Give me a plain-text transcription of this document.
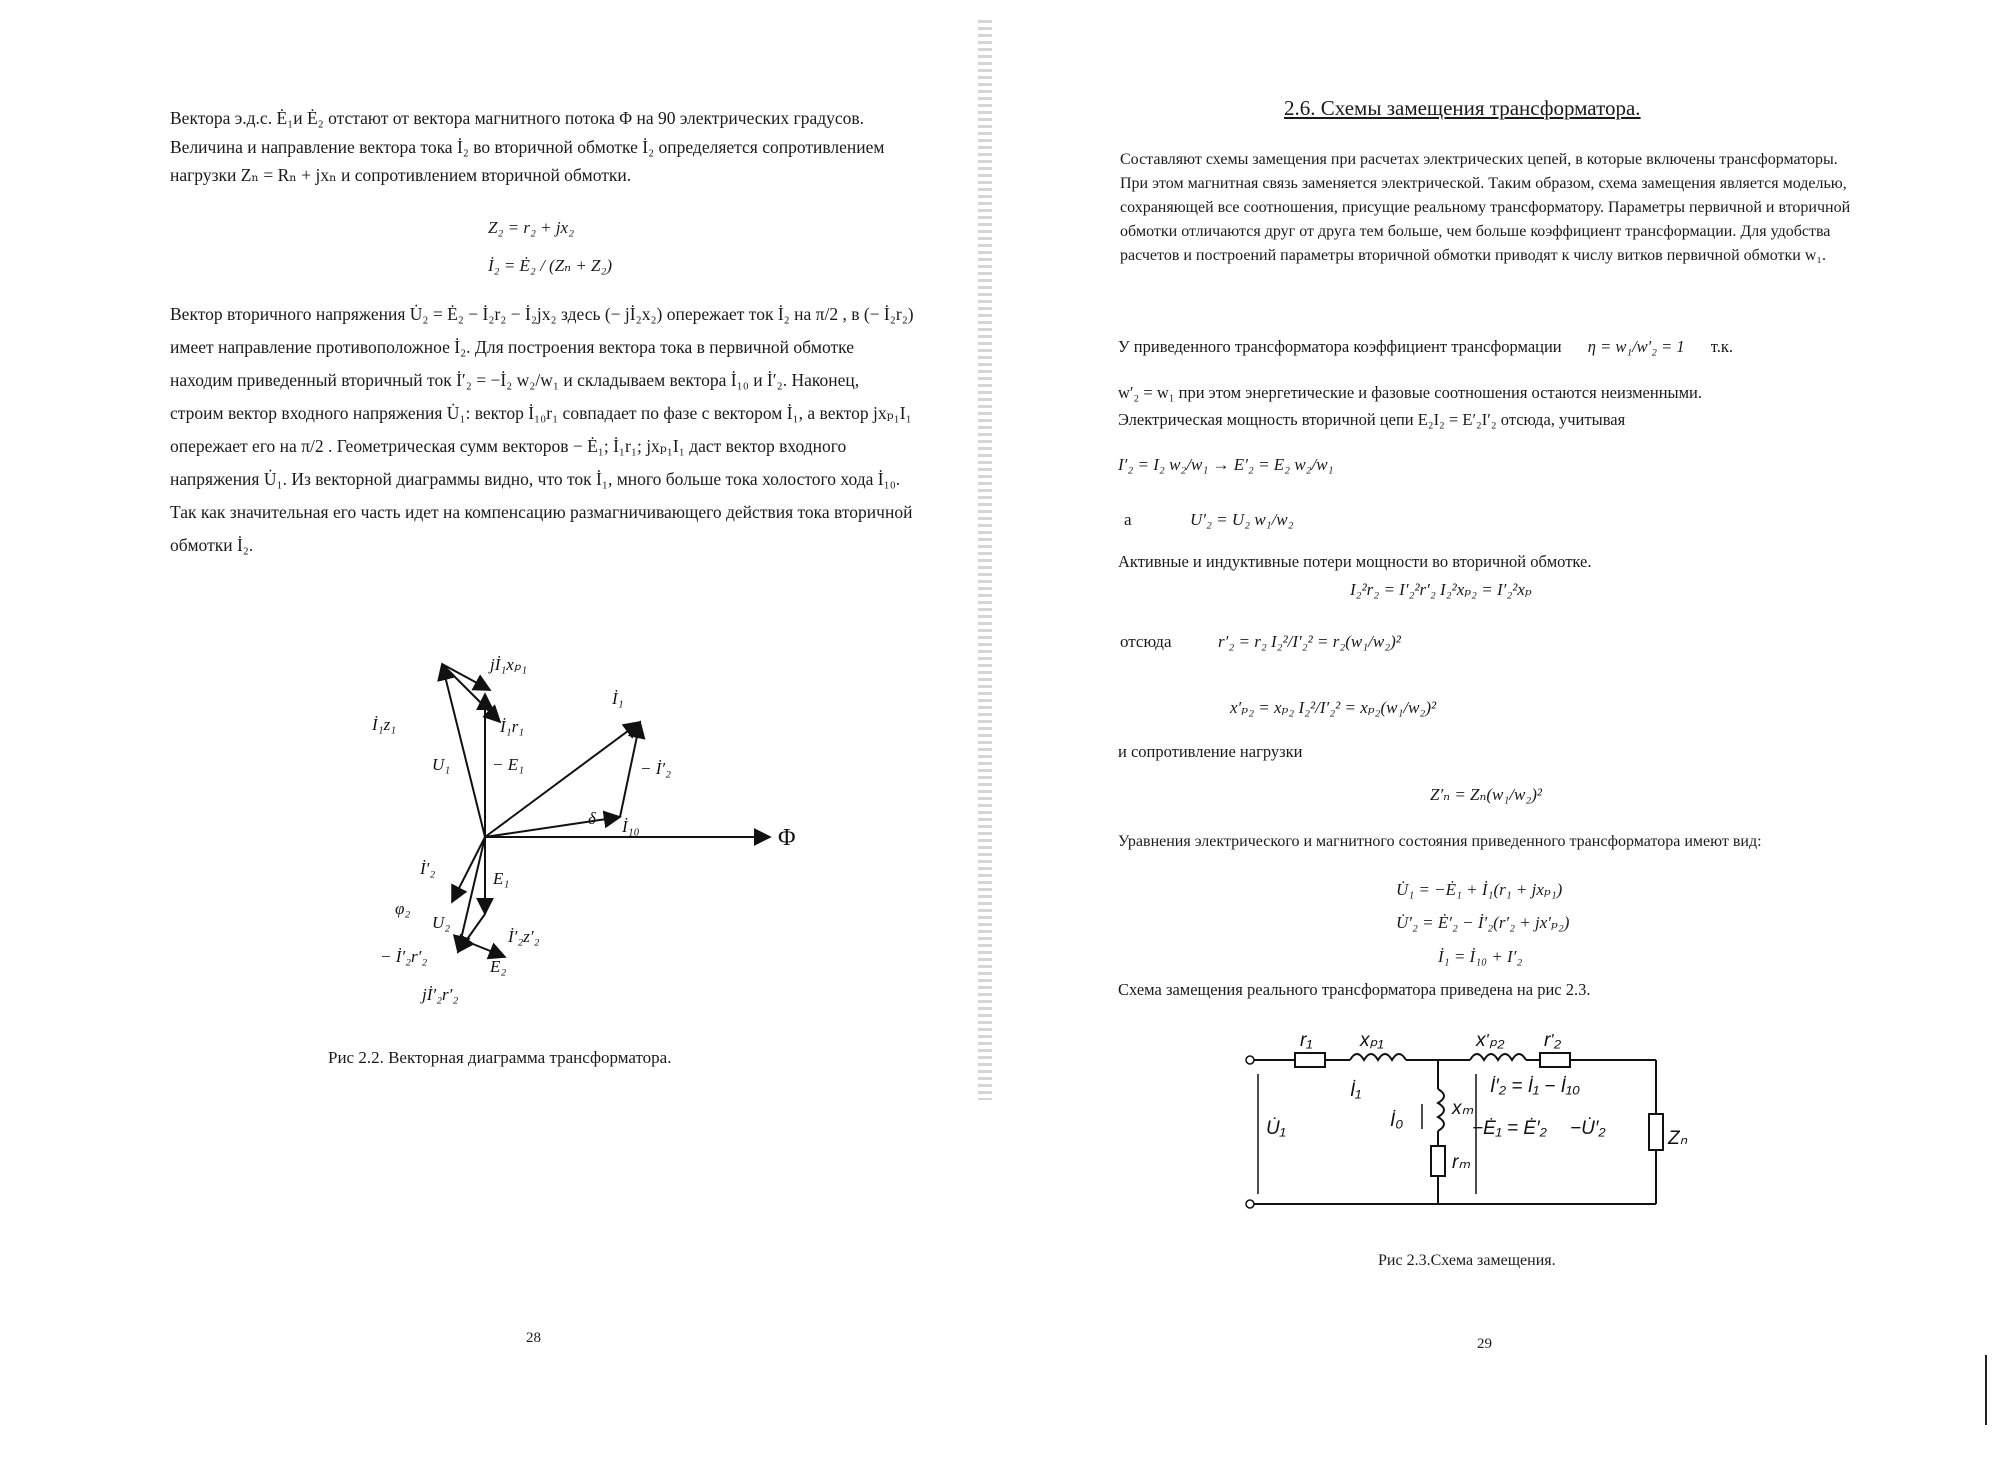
Вектора э.д.с. Ė₁и Ė₂ отстают от вектора магнитного потока Φ на 90 электрических градусов. Величина и направление вектора тока İ₂ во вторичной обмотке İ₂ определяется сопротивлением нагрузки Zₙ = Rₙ + jxₙ и сопротивлением вторичной обмотки.

Z₂ = r₂ + jx₂
İ₂ = Ė₂ / (Zₙ + Z₂)

Вектор вторичного напряжения U̇₂ = Ė₂ − İ₂r₂ − İ₂jx₂ здесь (− jİ₂x₂) опережает ток İ₂ на π/2 , в (− İ₂r₂) имеет направление противоположное İ₂. Для построения вектора тока в первичной обмотке находим приведенный вторичный ток İ′₂ = −İ₂ w₂/w₁ и складываем вектора İ₁₀ и İ′₂. Наконец, строим вектор входного напряжения U̇₁: вектор İ₁₀r₁ совпадает по фазе с вектором İ₁, а вектор jxₚ₁I₁ опережает его на π/2 . Геометрическая сумм векторов − Ė₁; İ₁r₁; jxₚ₁I₁ даст вектор входного напряжения U̇₁. Из векторной диаграммы видно, что ток İ₁, много больше тока холостого хода İ₁₀. Так как значительная его часть идет на компенсацию размагничивающего действия тока вторичной обмотки İ₂.

jİ₁xₚ₁
İ₁z₁	İ₁r₁
U₁ − E₁
İ₁
− İ′₂
δ İ₁₀	Φ
İ′₂
E₁
φ₂
U₂
İ′₂z′₂
− İ′₂r′₂
E₂
jİ′₂r′₂
Рис 2.2. Векторная диаграмма трансформатора.
28
2.6. Схемы замещения трансформатора.

Составляют схемы замещения при расчетах электрических цепей, в которые включены трансформаторы. При этом магнитная связь заменяется электрической. Таким образом, схема замещения является моделью, сохраняющей все соотношения, присущие реальному трансформатору. Параметры первичной и вторичной обмотки отличаются друг от друга тем больше, чем больше коэффициент трансформации. Для удобства расчетов и построений параметры вторичной обмотки приводят к числу витков первичной обмотки w₁.

У приведенного трансформатора коэффициент трансформации η = w₁/w′₂ = 1 т.к.
w′₂ = w₁ при этом энергетические и фазовые соотношения остаются неизменными.
Электрическая мощность вторичной цепи E₂I₂ = E′₂I′₂ отсюда, учитывая
I′₂ = I₂ w₂/w₁ → E′₂ = E₂ w₂/w₁
а	U′₂ = U₂ w₁/w₂
Активные и индуктивные потери мощности во вторичной обмотке.
I₂²r₂ = I′₂²r′₂ I₂²xₚ₂ = I′₂²xₚ
отсюда	r′₂ = r₂ I₂²/I′₂² = r₂(w₁/w₂)²
x′ₚ₂ = xₚ₂ I₂²/I′₂² = xₚ₂(w₁/w₂)²
и сопротивление нагрузки
Z′ₙ = Zₙ(w₁/w₂)²

Уравнения электрического и магнитного состояния приведенного трансформатора имеют вид:

U̇₁ = −Ė₁ + İ₁(r₁ + jxₚ₁)
U̇′₂ = Ė′₂ − İ′₂(r′₂ + jx′ₚ₂)
İ₁ = İ₁₀ + I′₂
Схема замещения реального трансформатора приведена на рис 2.3.
r₁	xₚ₁	x′ₚ₂ r′₂
İ₁
U̇₁	İ₀
xₘ
rₘ
İ′₂ = İ₁ − İ₁₀
−Ė₁ = Ė′₂ −U̇′₂	Zₙ
Рис 2.3.Схема замещения.
29
